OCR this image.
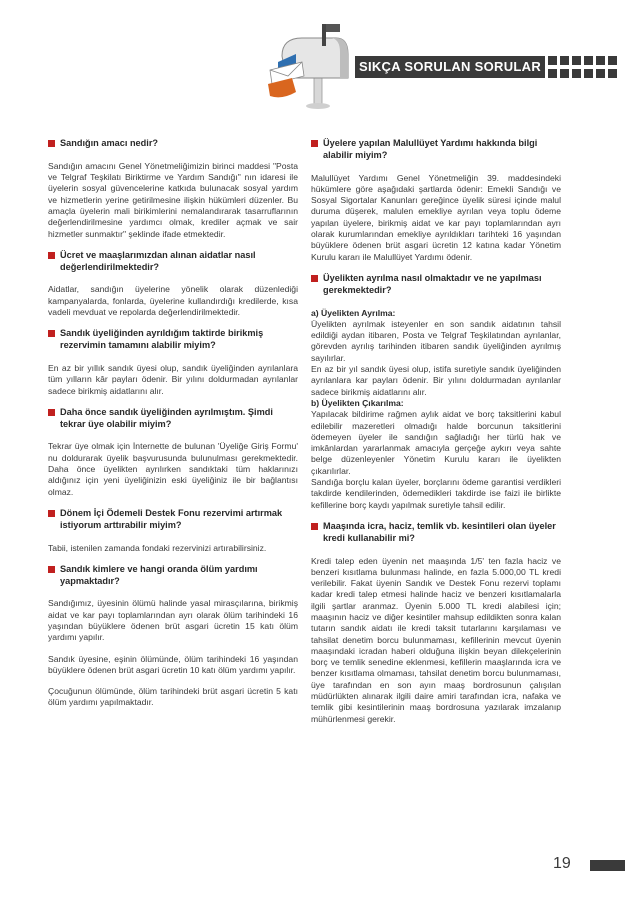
SIKÇA SORULAN SORULAR

Sandığın amacı nedir?

Sandığın amacını Genel Yönetmeliğimizin birinci maddesi "Posta ve Telgraf Teşkilatı Biriktirme ve Yardım Sandığı" nın idaresi ile üyelerin sosyal güvencelerine katkıda bulunacak sosyal yardım ve hizmetlerin yerine getirilmesine ilişkin hükümleri düzenler. Bu amaçla üyelerin mali birikimlerini nemalandırarak tasarruflarının değerlendirilmesine yardımcı olmak, krediler açmak ve sair hizmetler sunmaktır" şeklinde ifade etmektedir.

Ücret ve maaşlarımızdan alınan aidatlar nasıl değerlendirilmektedir?

Aidatlar, sandığın üyelerine yönelik olarak düzenlediği kampanyalarda, fonlarda, üyelerine kullandırdığı kredilerde, kısa vadeli mevduat ve repolarda değerlendirilmektedir.

Sandık üyeliğinden ayrıldığım taktirde birikmiş rezervimin tamamını alabilir miyim?

En az bir yıllık sandık üyesi olup, sandık üyeliğinden ayrılanlara tüm yılların kâr payları ödenir. Bir yılını doldurmadan ayrılanlar sadece birikmiş aidatlarını alır.

Daha önce sandık üyeliğinden ayrılmıştım. Şimdi tekrar üye olabilir miyim?

Tekrar üye olmak için İnternette de bulunan 'Üyeliğe Giriş Formu' nu doldurarak üyelik başvurusunda bulunulması gerekmektedir. Daha önce üyelikten ayrılırken sandıktaki tüm haklarınızı aldığınız için yeni üyeliğinizin eski üyeliğiniz ile bir bağlantısı olmaz.

Dönem İçi Ödemeli Destek Fonu rezervimi artırmak istiyorum arttırabilir miyim?

Tabii, istenilen zamanda fondaki rezervinizi artırabilirsiniz.

Sandık kimlere ve hangi oranda ölüm yardımı yapmaktadır?

Sandığımız, üyesinin ölümü halinde yasal mirasçılarına, birikmiş aidat ve kar payı toplamlarından ayrı olarak ölüm tarihindeki 16 yaşından büyüklere ödenen brüt asgari ücretin 15 katı ölüm yardımı yapılır.

Sandık üyesine, eşinin ölümünde, ölüm tarihindeki 16 yaşından büyüklere ödenen brüt asgari ücretin 10 katı ölüm yardımı yapılır.

Çocuğunun ölümünde, ölüm tarihindeki brüt asgari ücretin 5 katı ölüm yardımı yapılmaktadır.

Üyelere yapılan Malullüyet Yardımı hakkında bilgi alabilir miyim?

Malullüyet Yardımı Genel Yönetmeliğin 39. maddesindeki hükümlere göre aşağıdaki şartlarda ödenir: Emekli Sandığı ve Sosyal Sigortalar Kanunları gereğince üyelik süresi içinde malul duruma düşerek, malulen emekliye ayrılan veya toplu ödeme yapılan üyelere, birikmiş aidat ve kar payı toplamlarından ayrı olarak kurumlarından emekliye ayrıldıkları tarihteki 16 yaşından büyüklere ödenen brüt asgari ücretin 12 katına kadar Yönetim Kurulu kararı ile Malullüyet Yardımı ödenir.

Üyelikten ayrılma nasıl olmaktadır ve ne yapılması gerekmektedir?

a) Üyelikten Ayrılma:

Üyelikten ayrılmak isteyenler en son sandık aidatının tahsil edildiği aydan itibaren, Posta ve Telgraf Teşkilatından ayrılanlar, görevden ayrılış tarihinden itibaren sandık üyeliğinden ayrılmış sayılırlar.

En az bir yıl sandık üyesi olup, istifa suretiyle sandık üyeliğinden ayrılanlara kar payları ödenir. Bir yılını doldurmadan ayrılanlar sadece birikmiş aidatlarını alır.

b) Üyelikten Çıkarılma:

Yapılacak bildirime rağmen aylık aidat ve borç taksitlerini kabul edilebilir mazeretleri olmadığı halde borcunun taksitlerini ödemeyen üyeler ile sandığın sağladığı her türlü hak ve imkânlardan yararlanmak amacıyla gerçeğe aykırı veya sahte belge düzenleyenler Yönetim Kurulu kararı ile üyelikten çıkarılırlar.

Sandığa borçlu kalan üyeler, borçlarını ödeme garantisi verdikleri takdirde kendilerinden, ödemedikleri takdirde ise faizi ile birlikte kefillerine borç kaydı yapılmak suretiyle tahsil edilir.

Maaşında icra, haciz, temlik vb. kesintileri olan üyeler kredi kullanabilir mi?

Kredi talep eden üyenin net maaşında 1/5' ten fazla haciz ve benzeri kısıtlama bulunması halinde, en fazla 5.000,00 TL kredi verilebilir. Fakat üyenin Sandık ve Destek Fonu rezervi toplamı kadar kredi talep etmesi halinde haciz ve benzeri kısıtlamalarla ilgili şartlar aranmaz. Üyenin 5.000 TL kredi alabilesi için; maaşının haciz ve diğer kesintiler mahsup edildikten sonra kalan tutarın sandık aidatı ile kredi taksit tutarlarını karşılaması ve tahsilat denetim borcu bulunmaması, kefillerinin mevcut üyenin maaşındaki icradan haberi olduğuna ilişkin beyan dilekçelerinin borç ve temlik senedine eklenmesi, kefillerin maaşlarında icra ve benzer kısıtlama olmaması, tahsilat denetim borcu bulunmaması, üye tarafından en son ayın maaş bordrosunun çalışılan müdürlükten alınarak ilgili daire amiri tarafından icra, nafaka ve temlik gibi kesintilerinin maaş bordrosuna yazılarak imzalanıp mühürlenmesi gerekir.

19
